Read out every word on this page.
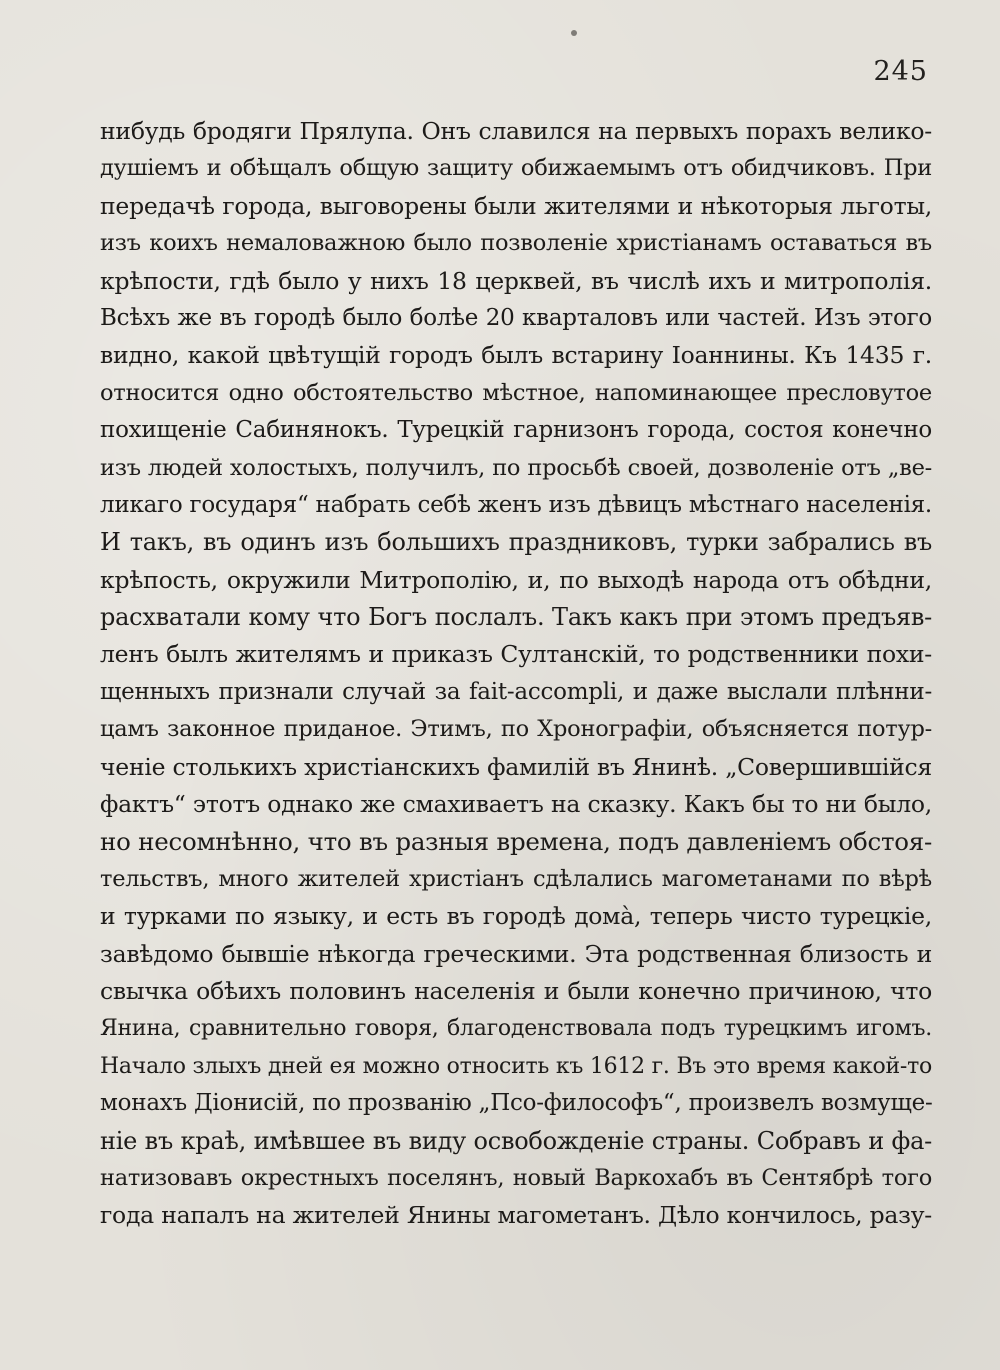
245
нибудь бродяги Прялупа. Онъ славился на первыхъ порахъ велико-
душіемъ и обѣщалъ общую защиту обижаемымъ отъ обидчиковъ. При
передачѣ города, выговорены были жителями и нѣкоторыя льготы,
изъ коихъ немаловажною было позволеніе христіанамъ оставаться въ
крѣпости, гдѣ было у нихъ 18 церквей, въ числѣ ихъ и митрополія.
Всѣхъ же въ городѣ было болѣе 20 кварталовъ или частей. Изъ этого
видно, какой цвѣтущій городъ былъ встарину Іоаннины. Къ 1435 г.
относится одно обстоятельство мѣстное, напоминающее пресловутое
похищеніе Сабинянокъ. Турецкій гарнизонъ города, состоя конечно
изъ людей холостыхъ, получилъ, по просьбѣ своей, дозволеніе отъ „ве-
ликаго государя“ набрать себѣ женъ изъ дѣвицъ мѣстнаго населенія.
И такъ, въ одинъ изъ большихъ праздниковъ, турки забрались въ
крѣпость, окружили Митрополію, и, по выходѣ народа отъ обѣдни,
расхватали кому что Богъ послалъ. Такъ какъ при этомъ предъяв-
ленъ былъ жителямъ и приказъ Султанскій, то родственники похи-
щенныхъ признали случай за fait-accompli, и даже выслали плѣнни-
цамъ законное приданое. Этимъ, по Хронографіи, объясняется потур-
ченіе столькихъ христіанскихъ фамилій въ Янинѣ. „Совершившійся
фактъ“ этотъ однако же смахиваетъ на сказку. Какъ бы то ни было,
но несомнѣнно, что въ разныя времена, подъ давленіемъ обстоя-
тельствъ, много жителей христіанъ сдѣлались магометанами по вѣрѣ
и турками по языку, и есть въ городѣ домà, теперь чисто турецкіе,
завѣдомо бывшіе нѣкогда греческими. Эта родственная близость и
свычка обѣихъ половинъ населенія и были конечно причиною, что
Янина, сравнительно говоря, благоденствовала подъ турецкимъ игомъ.
Начало злыхъ дней ея можно относить къ 1612 г. Въ это время какой-то
монахъ Діонисій, по прозванію „Псо-философъ“, произвелъ возмуще-
ніе въ краѣ, имѣвшее въ виду освобожденіе страны. Собравъ и фа-
натизовавъ окрестныхъ поселянъ, новый Варкохабъ въ Сентябрѣ того
года напалъ на жителей Янины магометанъ. Дѣло кончилось, разу-
